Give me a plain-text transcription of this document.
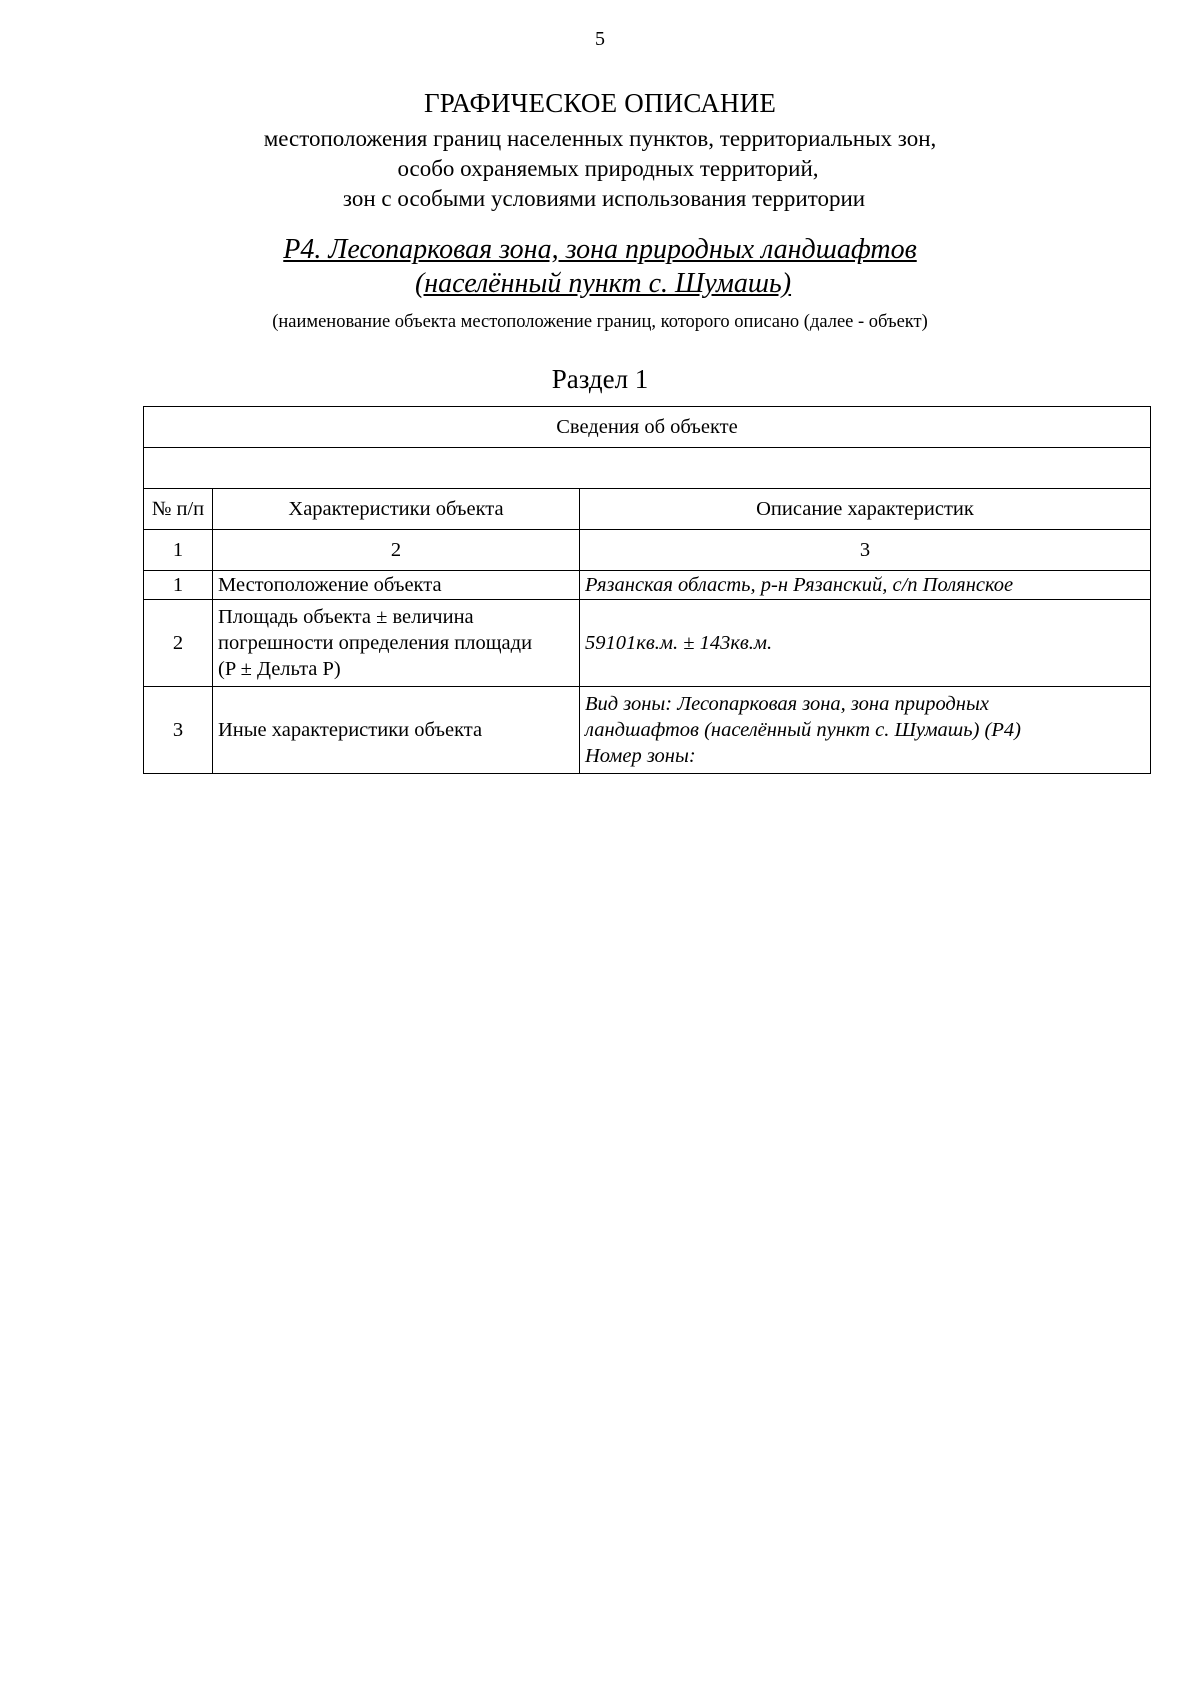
5
ГРАФИЧЕСКОЕ ОПИСАНИЕ
местоположения границ населенных пунктов, территориальных зон,
особо охраняемых природных территорий,
зон с особыми условиями использования территории
Р4. Лесопарковая зона, зона природных ландшафтов
(населённый пункт с. Шумашь)
(наименование объекта местоположение границ, которого описано (далее - объект)
Раздел 1
Сведения об объекте		

№ п/п	Характеристики объекта	Описание характеристик
1	2	3
1	Местоположение объекта	Рязанская область, р-н Рязанский, с/п Полянское
2	Площадь объекта ± величина
погрешности определения площади
(P ± Дельта P)	59101кв.м. ± 143кв.м.
3	Иные характеристики объекта	Вид зоны: Лесопарковая зона, зона природных
ландшафтов (населённый пункт с. Шумашь) (Р4)
Номер зоны:
